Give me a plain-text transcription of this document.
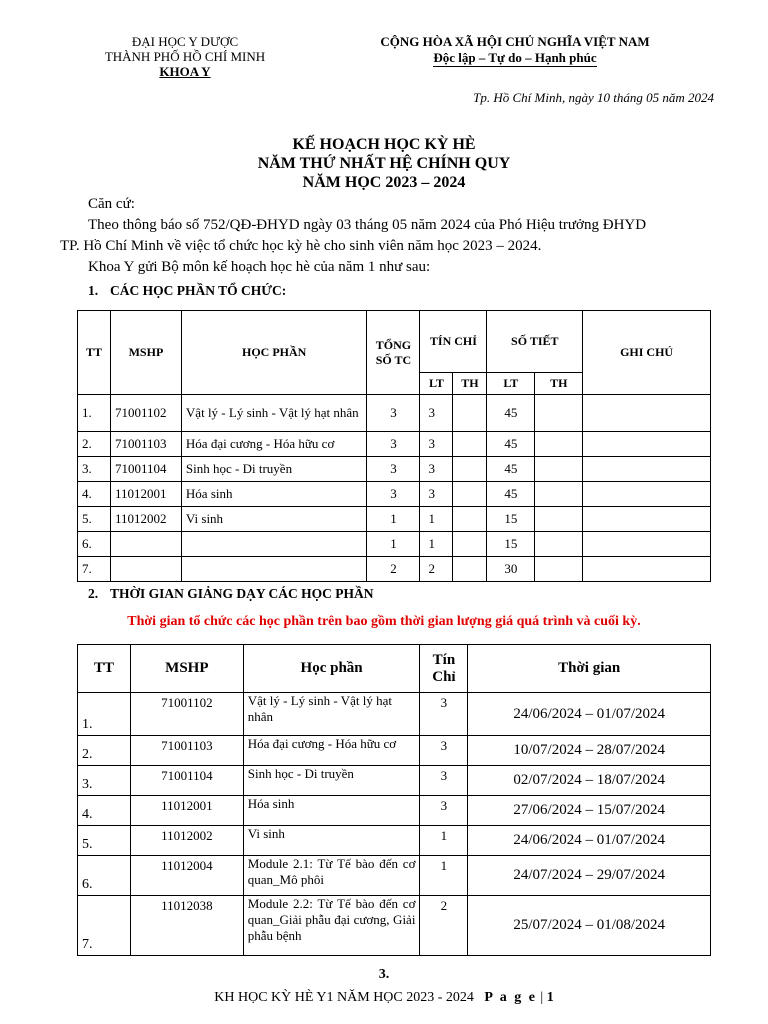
ĐẠI HỌC Y DƯỢC
THÀNH PHỐ HỒ CHÍ MINH
KHOA Y
CỘNG HÒA XÃ HỘI CHỦ NGHĨA VIỆT NAM
Độc lập – Tự do – Hạnh phúc
Tp. Hồ Chí Minh, ngày 10 tháng 05 năm 2024
KẾ HOẠCH HỌC KỲ HÈ
NĂM THỨ NHẤT HỆ CHÍNH QUY
NĂM HỌC 2023 – 2024

Căn cứ:

Theo thông báo số 752/QĐ-ĐHYD ngày 03 tháng 05 năm 2024 của Phó Hiệu trưởng ĐHYD

TP. Hồ Chí Minh về việc tổ chức học kỳ hè cho sinh viên năm học 2023 – 2024.

Khoa Y gửi Bộ môn kế hoạch học hè của năm 1 như sau:

1. CÁC HỌC PHẦN TỔ CHỨC:
TT	MSHP	HỌC PHẦN	TỔNG
SỐ TC	TÍN CHỈ		SỐ TIẾT		GHI CHÚ
				LT	TH	LT	TH	
1.	71001102	Vật lý - Lý sinh - Vật lý hạt nhân	3	3		45		
2.	71001103	Hóa đại cương - Hóa hữu cơ	3	3		45		
3.	71001104	Sinh học - Di truyền	3	3		45		
4.	11012001	Hóa sinh	3	3		45		
5.	11012002	Vi sinh	1	1		15		
6.			1	1		15		
7.			2	2		30		
2. THỜI GIAN GIẢNG DẠY CÁC HỌC PHẦN
Thời gian tổ chức các học phần trên bao gồm thời gian lượng giá quá trình và cuối kỳ.
TT	MSHP	Học phần	Tín
Chỉ	Thời gian
1.	71001102	Vật lý - Lý sinh - Vật lý hạt nhân	3	24/06/2024 – 01/07/2024
2.	71001103	Hóa đại cương - Hóa hữu cơ	3	10/07/2024 – 28/07/2024
3.	71001104	Sinh học - Di truyền	3	02/07/2024 – 18/07/2024
4.	11012001	Hóa sinh	3	27/06/2024 – 15/07/2024
5.	11012002	Vi sinh	1	24/06/2024 – 01/07/2024
6.	11012004	Module 2.1: Từ Tế bào đến cơ quan_Mô phôi	1	24/07/2024 – 29/07/2024
7.	11012038	Module 2.2: Từ Tế bào đến cơ quan_Giải phẫu đại cương, Giải phẫu bệnh	2	25/07/2024 – 01/08/2024
3.
KH HỌC KỲ HÈ Y1 NĂM HỌC 2023 - 2024 P a g e | 1
